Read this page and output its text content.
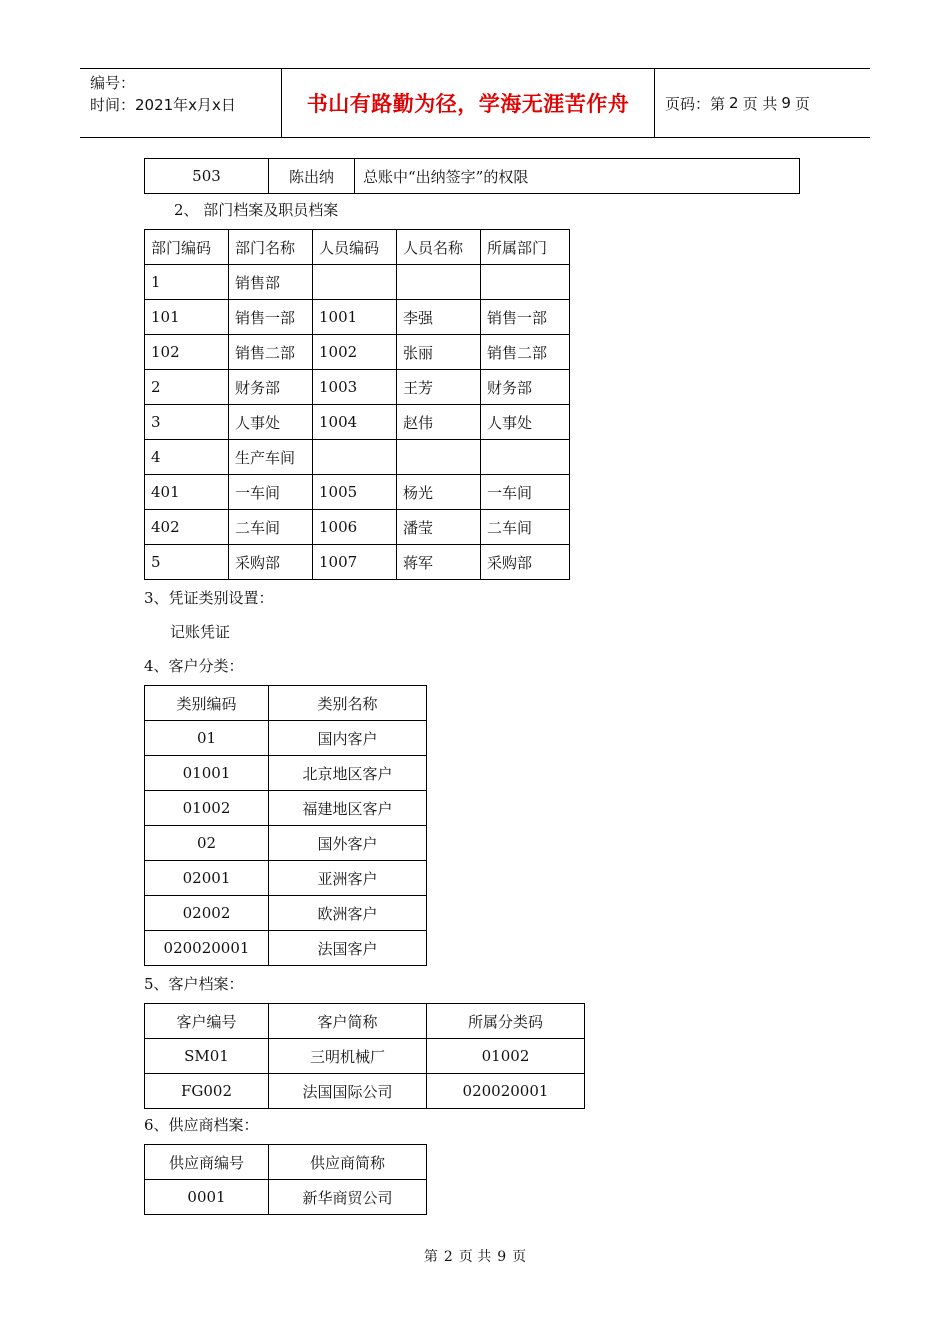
编号：
时间：2021年x月x日	书山有路勤为径，学海无涯苦作舟	页码：第 2 页 共 9 页
503	陈出纳	总账中“出纳签字”的权限
2、 部门档案及职员档案
部门编码	部门名称	人员编码	人员名称	所属部门
1	销售部			
101	销售一部	1001	李强	销售一部
102	销售二部	1002	张丽	销售二部
2	财务部	1003	王芳	财务部
3	人事处	1004	赵伟	人事处
4	生产车间			
401	一车间	1005	杨光	一车间
402	二车间	1006	潘莹	二车间
5	采购部	1007	蒋军	采购部
3、凭证类别设置：
记账凭证
4、客户分类：
类别编码	类别名称
01	国内客户
01001	北京地区客户
01002	福建地区客户
02	国外客户
02001	亚洲客户
02002	欧洲客户
020020001	法国客户
5、客户档案：
客户编号	客户简称	所属分类码
SM01	三明机械厂	01002
FG002	法国国际公司	020020001
6、供应商档案：
供应商编号	供应商简称
0001	新华商贸公司
第 2 页 共 9 页
